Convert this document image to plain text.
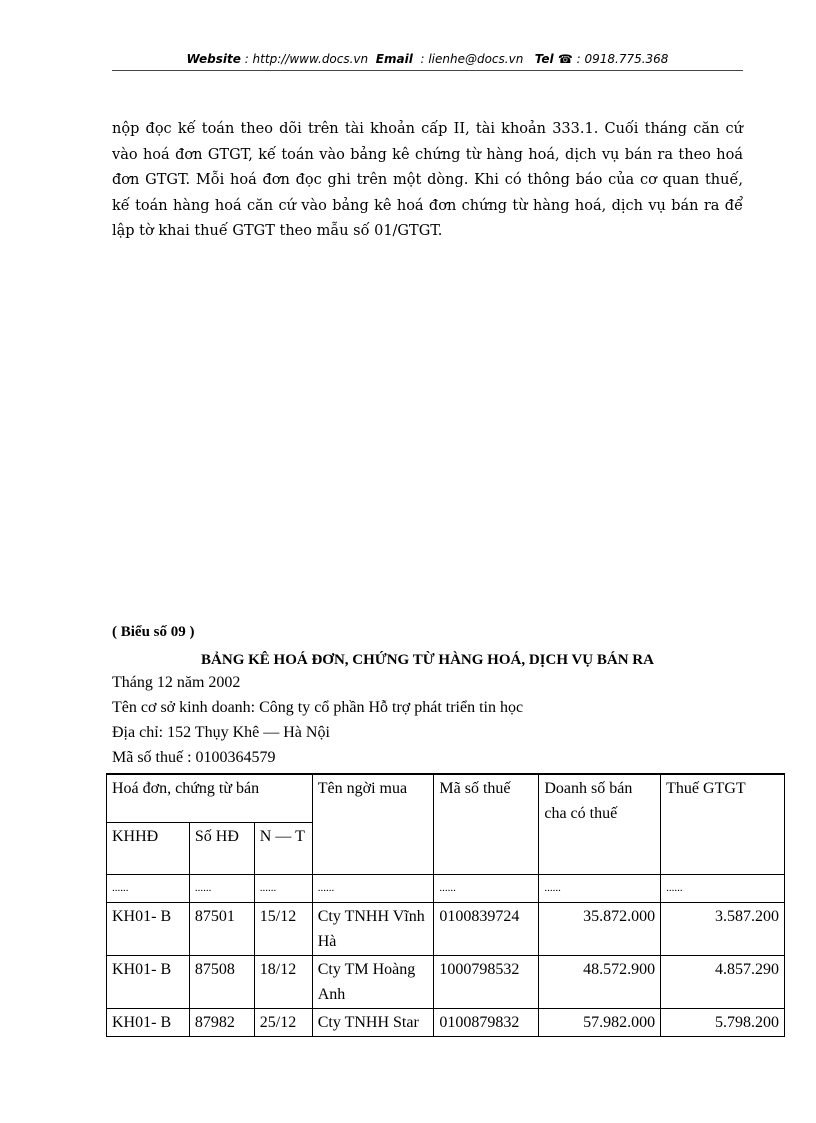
Website : http://www.docs.vn Email : lienhe@docs.vn Tel ☎ : 0918.775.368

nộp đọc kế toán theo dõi trên tài khoản cấp II, tài khoản 333.1. Cuối tháng căn cứ vào hoá đơn GTGT, kế toán vào bảng kê chứng từ hàng hoá, dịch vụ bán ra theo hoá đơn GTGT. Mỗi hoá đơn đọc ghi trên một dòng. Khi có thông báo của cơ quan thuế, kế toán hàng hoá căn cứ vào bảng kê hoá đơn chứng từ hàng hoá, dịch vụ bán ra để lập tờ khai thuế GTGT theo mẫu số 01/GTGT.

( Biểu số 09 )
BẢNG KÊ HOÁ ĐƠN, CHỨNG TỪ HÀNG HOÁ, DỊCH VỤ BÁN RA
Tháng 12 năm 2002
Tên cơ sở kinh doanh: Công ty cổ phần Hỗ trợ phát triển tin học
Địa chỉ: 152 Thụy Khê — Hà Nội
Mã số thuế : 0100364579
Hoá đơn, chứng từ bán			Tên ngời mua	Mã số thuế	Doanh số bán cha có thuế	Thuế GTGT
KHHĐ	Số HĐ	N — T				
......	......	......	......	......	......	......
KH01- B	87501	15/12	Cty TNHH Vĩnh Hà	0100839724	35.872.000	3.587.200
KH01- B	87508	18/12	Cty TM Hoàng Anh	1000798532	48.572.900	4.857.290
KH01- B	87982	25/12	Cty TNHH Star	0100879832	57.982.000	5.798.200
